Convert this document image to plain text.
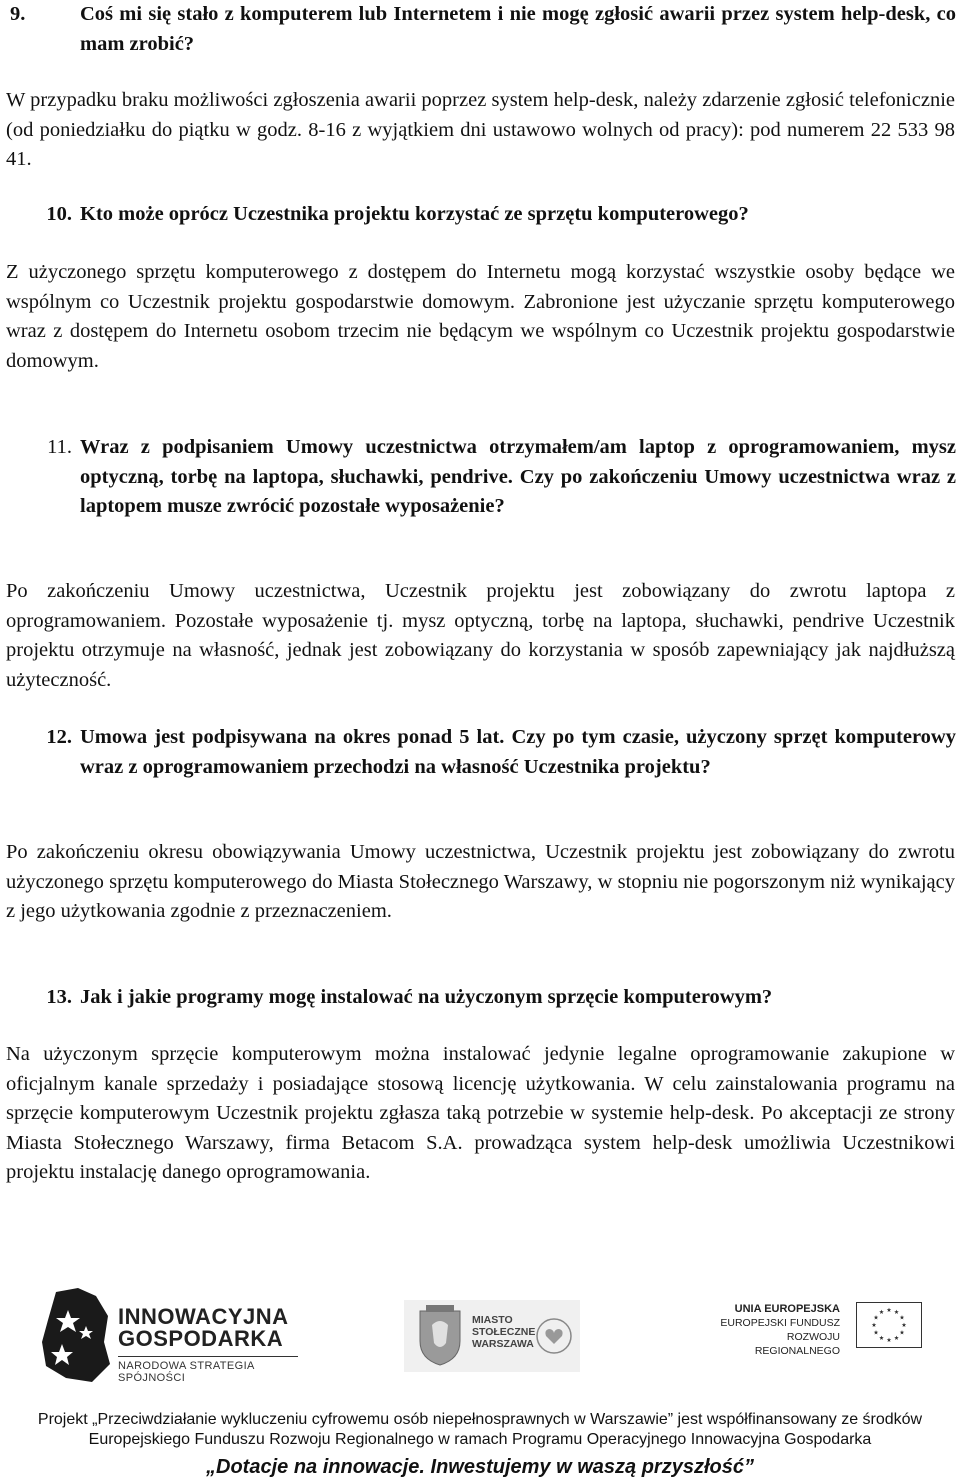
9.	Coś mi się stało z komputerem lub Internetem i nie mogę zgłosić awarii przez system help-desk, co mam zrobić?
W przypadku braku możliwości zgłoszenia awarii poprzez system help-desk, należy zdarzenie zgłosić telefonicznie (od poniedziałku do piątku w godz. 8-16 z wyjątkiem dni ustawowo wolnych od pracy): pod numerem 22 533 98 41.
10. Kto może oprócz Uczestnika projektu korzystać ze sprzętu komputerowego?
Z użyczonego sprzętu komputerowego z dostępem do Internetu mogą korzystać wszystkie osoby będące we wspólnym co Uczestnik projektu gospodarstwie domowym. Zabronione jest użyczanie sprzętu komputerowego wraz z dostępem do Internetu osobom trzecim nie będącym we wspólnym co Uczestnik projektu gospodarstwie domowym.
11. Wraz z podpisaniem Umowy uczestnictwa otrzymałem/am laptop z oprogramowaniem, mysz optyczną, torbę na laptopa, słuchawki, pendrive. Czy po zakończeniu Umowy uczestnictwa wraz z laptopem musze zwrócić pozostałe wyposażenie?
Po zakończeniu Umowy uczestnictwa, Uczestnik projektu jest zobowiązany do zwrotu laptopa z oprogramowaniem. Pozostałe wyposażenie tj. mysz optyczną, torbę na laptopa, słuchawki, pendrive Uczestnik projektu otrzymuje na własność, jednak jest zobowiązany do korzystania w sposób zapewniający jak najdłuższą użyteczność.
12. Umowa jest podpisywana na okres ponad 5 lat. Czy po tym czasie, użyczony sprzęt komputerowy wraz z oprogramowaniem przechodzi na własność Uczestnika projektu?
Po zakończeniu okresu obowiązywania Umowy uczestnictwa, Uczestnik projektu jest zobowiązany do zwrotu użyczonego sprzętu komputerowego do Miasta Stołecznego Warszawy, w stopniu nie pogorszonym niż wynikający z jego użytkowania zgodnie z przeznaczeniem.
13. Jak i jakie programy mogę instalować na użyczonym sprzęcie komputerowym?
Na użyczonym sprzęcie komputerowym można instalować jedynie legalne oprogramowanie zakupione w oficjalnym kanale sprzedaży i posiadające stosową licencję użytkowania. W celu zainstalowania programu na sprzęcie komputerowym Uczestnik projektu zgłasza taką potrzebie w systemie help-desk. Po akceptacji ze strony Miasta Stołecznego Warszawy, firma Betacom S.A. prowadząca system help-desk umożliwia Uczestnikowi projektu instalację danego oprogramowania.
INNOWACYJNA
GOSPODARKA
NARODOWA STRATEGIA SPÓJNOŚCI
MIASTO
STOŁECZNE
WARSZAWA
UNIA EUROPEJSKA
EUROPEJSKI FUNDUSZ
ROZWOJU REGIONALNEGO
Projekt „Przeciwdziałanie wykluczeniu cyfrowemu osób niepełnosprawnych w Warszawie” jest współfinansowany ze środków
Europejskiego Funduszu Rozwoju Regionalnego w ramach Programu Operacyjnego Innowacyjna Gospodarka
„Dotacje na innowacje. Inwestujemy w waszą przyszłość”
